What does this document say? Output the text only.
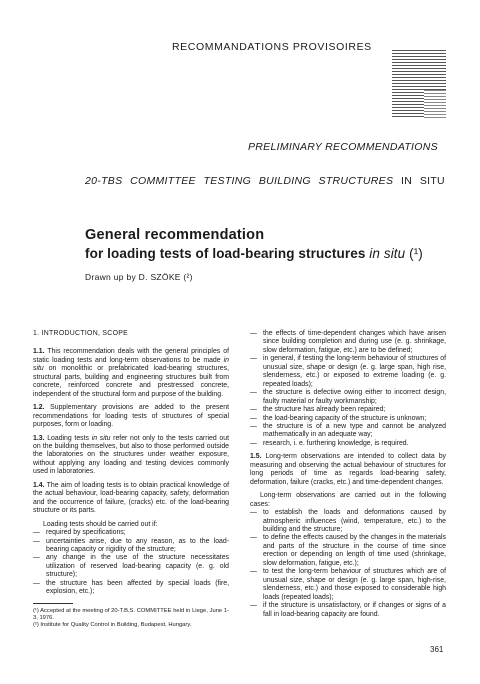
RECOMMANDATIONS PROVISOIRES
PRELIMINARY RECOMMENDATIONS
20-TBS COMMITTEE TESTING BUILDING STRUCTURES IN SITU
General recommendation
for loading tests of load-bearing structures in situ (¹)
Drawn up by D. SZÖKE (²)

1. INTRODUCTION, SCOPE

1.1. This recommendation deals with the general principles of static loading tests and long-term observations to be made in situ on monolithic or prefabricated load-bearing structures, structural parts, building and engineering structures built from concrete, reinforced concrete and prestressed concrete, independent of the structural form and purpose of the building.

1.2. Supplementary provisions are added to the present recommendations for loading tests of structures of special purposes, form or loading.

1.3. Loading tests in situ refer not only to the tests carried out on the building themselves, but also to those performed outside the laboratories on the structures under weather exposure, without applying any loading and testing devices commonly used in laboratories.

1.4. The aim of loading tests is to obtain practical knowledge of the actual behaviour, load-bearing capacity, safety, deformation and the occurrence of failure, (cracks) etc. of the load-bearing structure or its parts.

Loading tests should be carried out if:

— required by specifications;

— uncertainties arise, due to any reason, as to the load-bearing capacity or rigidity of the structure;

— any change in the use of the structure necessitates utilization of reserved load-bearing capacity (e. g. old structure);

— the structure has been affected by special loads (fire, explosion, etc.);

(¹) Accepted at the meeting of 20-T.B.S. COMMITTEE held in Liege, June 1-3, 1976.

(²) Institute for Quality Control in Building, Budapest, Hungary.

— the effects of time-dependent changes which have arisen since building completion and during use (e. g. shrinkage, slow deformation, fatigue, etc.) are to be defined;

— in general, if testing the long-term behaviour of structures of unusual size, shape or design (e. g. large span, high rise, slenderness, etc.) or exposed to extreme loading (e. g. repeated loads);

— the structure is defective owing either to incorrect design, faulty material or faulty workmanship;

— the structure has already been repaired;

— the load-bearing capacity of the structure is unknown;

— the structure is of a new type and cannot be analyzed mathematically in an adequate way;

— research, i. e. furthering knowledge, is required.

1.5. Long-term observations are intended to collect data by measuring and observing the actual behaviour of structures for long periods of time as regards load-bearing safety, deformation, failure (cracks, etc.) and time-dependent changes.

Long-term observations are carried out in the following cases:

— to establish the loads and deformations caused by atmospheric influences (wind, temperature, etc.) to the building and the structure;

— to define the effects caused by the changes in the materials and parts of the structure in the course of time since erection or depending on length of time used (shrinkage, slow deformation, fatigue, etc.);

— to test the long-term behaviour of structures which are of unusual size, shape or design (e. g. large span, high-rise, slenderness, etc.) and those exposed to considerable high loads (repeated loads);

— if the structure is unsatisfactory, or if changes or signs of a fall in load-bearing capacity are found.

361
